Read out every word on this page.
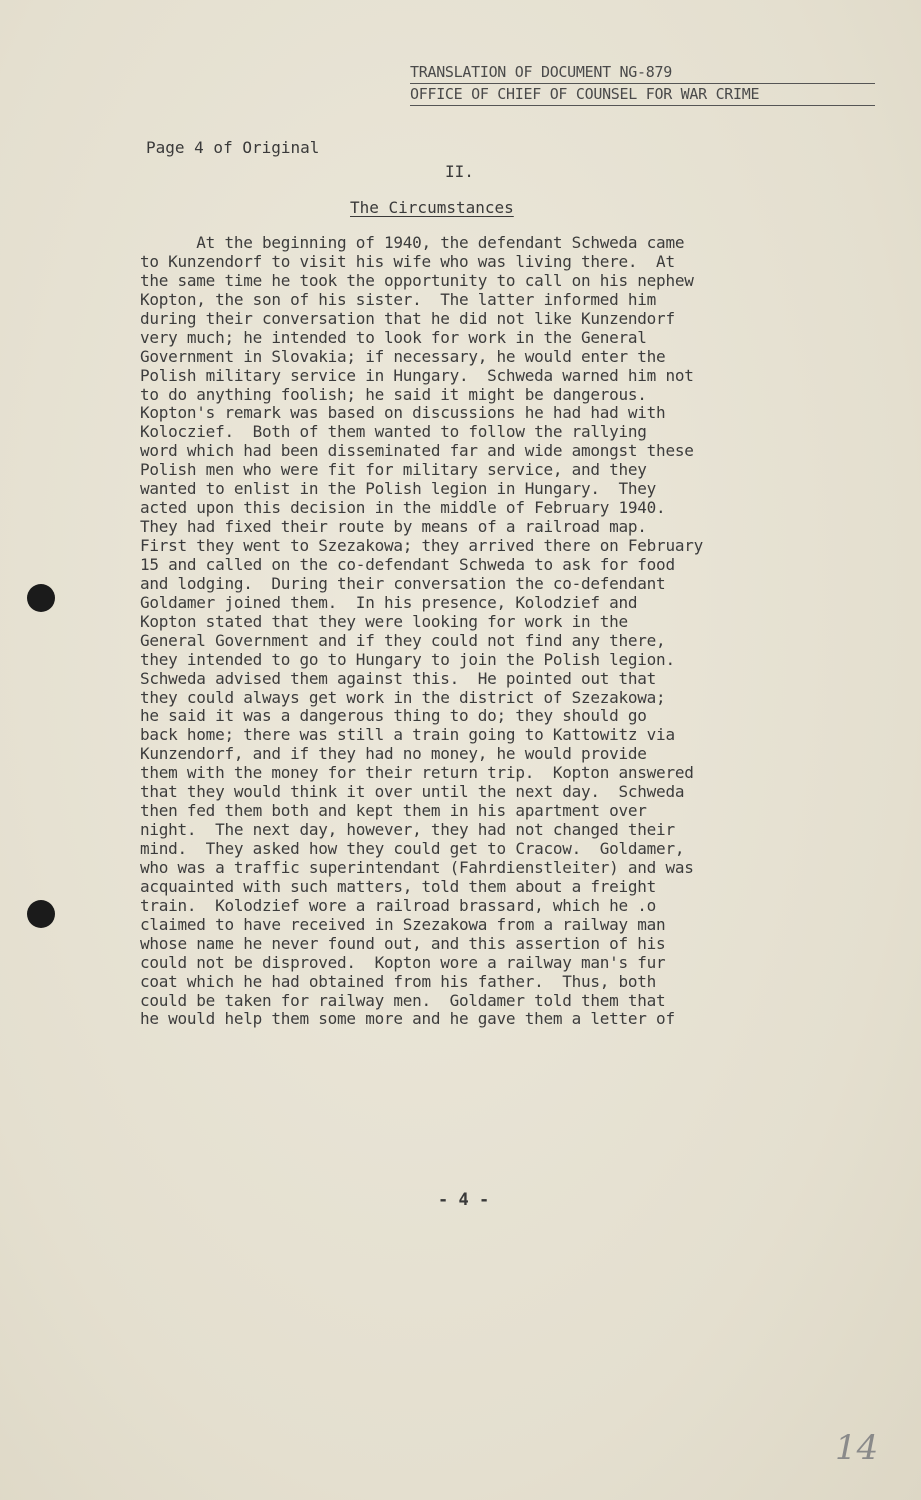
TRANSLATION OF DOCUMENT NG-879
OFFICE OF CHIEF OF COUNSEL FOR WAR CRIME
Page 4 of Original
II.
The Circumstances
At the beginning of 1940, the defendant Schweda came
to Kunzendorf to visit his wife who was living there.  At
the same time he took the opportunity to call on his nephew
Kopton, the son of his sister.  The latter informed him
during their conversation that he did not like Kunzendorf
very much; he intended to look for work in the General
Government in Slovakia; if necessary, he would enter the
Polish military service in Hungary.  Schweda warned him not
to do anything foolish; he said it might be dangerous.
Kopton's remark was based on discussions he had had with
Koloczief.  Both of them wanted to follow the rallying
word which had been disseminated far and wide amongst these
Polish men who were fit for military service, and they
wanted to enlist in the Polish legion in Hungary.  They
acted upon this decision in the middle of February 1940.
They had fixed their route by means of a railroad map.
First they went to Szezakowa; they arrived there on February
15 and called on the co-defendant Schweda to ask for food
and lodging.  During their conversation the co-defendant
Goldamer joined them.  In his presence, Kolodzief and
Kopton stated that they were looking for work in the
General Government and if they could not find any there,
they intended to go to Hungary to join the Polish legion.
Schweda advised them against this.  He pointed out that
they could always get work in the district of Szezakowa;
he said it was a dangerous thing to do; they should go
back home; there was still a train going to Kattowitz via
Kunzendorf, and if they had no money, he would provide
them with the money for their return trip.  Kopton answered
that they would think it over until the next day.  Schweda
then fed them both and kept them in his apartment over
night.  The next day, however, they had not changed their
mind.  They asked how they could get to Cracow.  Goldamer,
who was a traffic superintendant (Fahrdienstleiter) and was
acquainted with such matters, told them about a freight
train.  Kolodzief wore a railroad brassard, which he .o
claimed to have received in Szezakowa from a railway man
whose name he never found out, and this assertion of his
could not be disproved.  Kopton wore a railway man's fur
coat which he had obtained from his father.  Thus, both
could be taken for railway men.  Goldamer told them that
he would help them some more and he gave them a letter of
- 4 -
14
